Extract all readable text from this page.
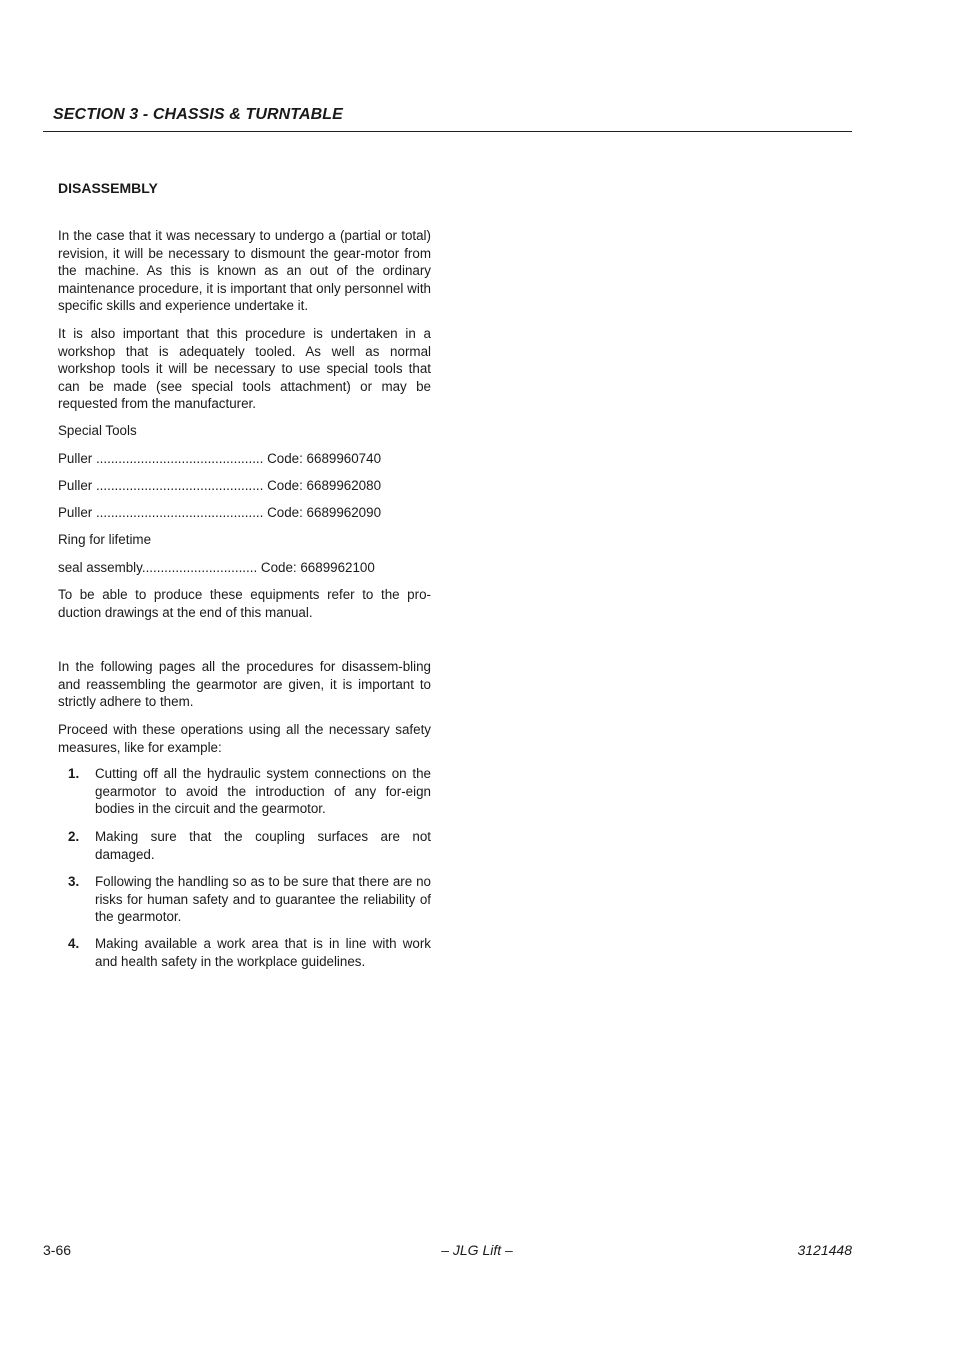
SECTION 3 - CHASSIS & TURNTABLE
DISASSEMBLY
In the case that it was necessary to undergo a (partial or total) revision, it will be necessary to dismount the gear-motor from the machine. As this is known as an out of the ordinary maintenance procedure, it is important that only personnel with specific skills and experience undertake it.
It is also important that this procedure is undertaken in a workshop that is adequately tooled. As well as normal workshop tools it will be necessary to use special tools that can be made (see special tools attachment) or may be requested from the manufacturer.
Special Tools
Puller ............................................. Code: 6689960740
Puller ............................................. Code: 6689962080
Puller ............................................. Code: 6689962090
Ring for lifetime
seal assembly............................... Code: 6689962100
To be able to produce these equipments refer to the pro-duction drawings at the end of this manual.
In the following pages all the procedures for disassem-bling and reassembling the gearmotor are given, it is important to strictly adhere to them.
Proceed with these operations using all the necessary safety measures, like for example:
1. Cutting off all the hydraulic system connections on the gearmotor to avoid the introduction of any for-eign bodies in the circuit and the gearmotor.
2. Making sure that the coupling surfaces are not damaged.
3. Following the handling so as to be sure that there are no risks for human safety and to guarantee the reliability of the gearmotor.
4. Making available a work area that is in line with work and health safety in the workplace guidelines.
3-66	– JLG Lift –	3121448
